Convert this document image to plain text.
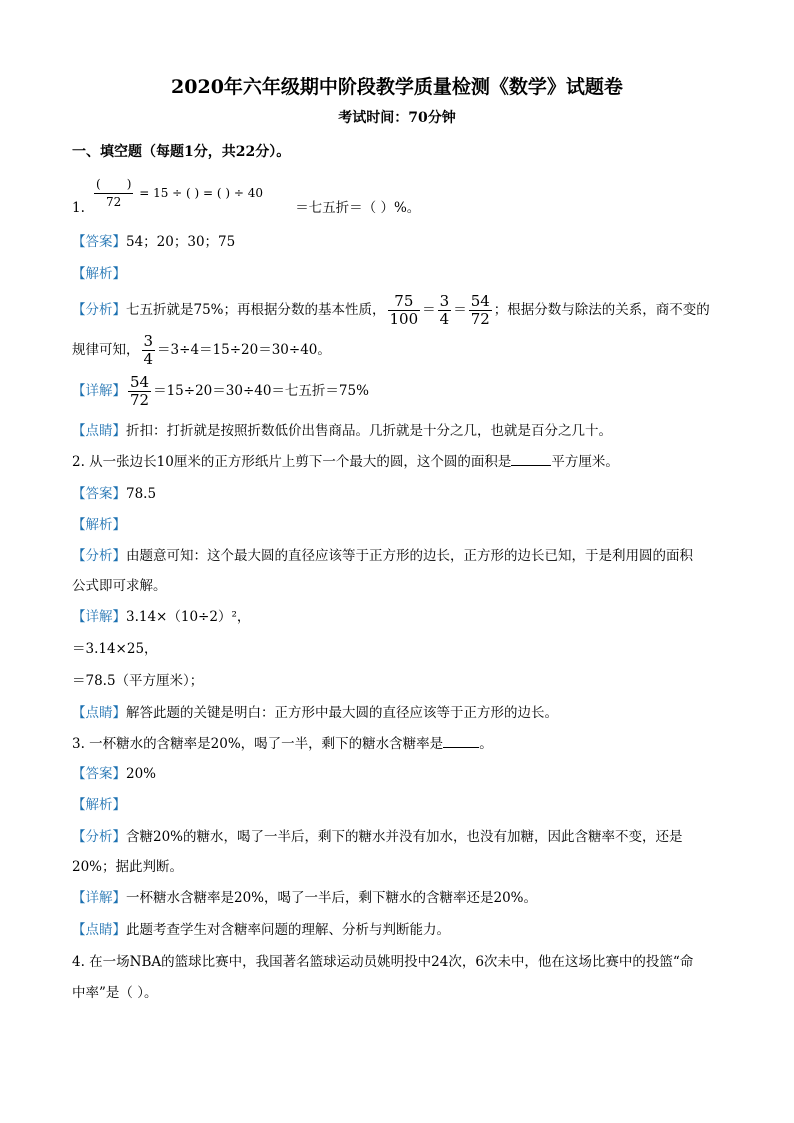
2020年六年级期中阶段教学质量检测《数学》试题卷
考试时间：70分钟
一、填空题（每题1分，共22分）。
$\frac{( )}{72} = 15$ ÷ ( ) = ( ) ÷ 40
1.	＝七五折＝（ ）%。
【答案】54；20；30；75
【解析】
【分析】七五折就是75%；再根据分数的基本性质， $\frac{75}{100} = \frac{3}{4} = \frac{54}{72}$ ；根据分数与除法的关系，商不变的
规律可知， $\frac{3}{4} =3\div 4=15\div 20=30\div 40$。
【详解】 $\frac{54}{72} =15\div 20=30\div 40=$七五折＝75%
【点睛】折扣：打折就是按照折数低价出售商品。几折就是十分之几，也就是百分之几十。
2. 从一张边长10厘米的正方形纸片上剪下一个最大的圆，这个圆的面积是	平方厘米。
【答案】78.5
【解析】
【分析】由题意可知：这个最大圆的直径应该等于正方形的边长，正方形的边长已知，于是利用圆的面积
公式即可求解。
【详解】3.14×（10÷2）²，
＝3.14×25，
＝78.5（平方厘米）；
【点睛】解答此题的关键是明白：正方形中最大圆的直径应该等于正方形的边长。
3. 一杯糖水的含糖率是20%，喝了一半，剩下的糖水含糖率是	。
【答案】20%
【解析】
【分析】含糖20%的糖水，喝了一半后，剩下的糖水并没有加水，也没有加糖，因此含糖率不变，还是
20%；据此判断。
【详解】一杯糖水含糖率是20%，喝了一半后，剩下糖水的含糖率还是20%。
【点睛】此题考查学生对含糖率问题的理解、分析与判断能力。
4. 在一场NBA的篮球比赛中，我国著名篮球运动员姚明投中24次，6次未中，他在这场比赛中的投篮“命
中率”是（ ）。
